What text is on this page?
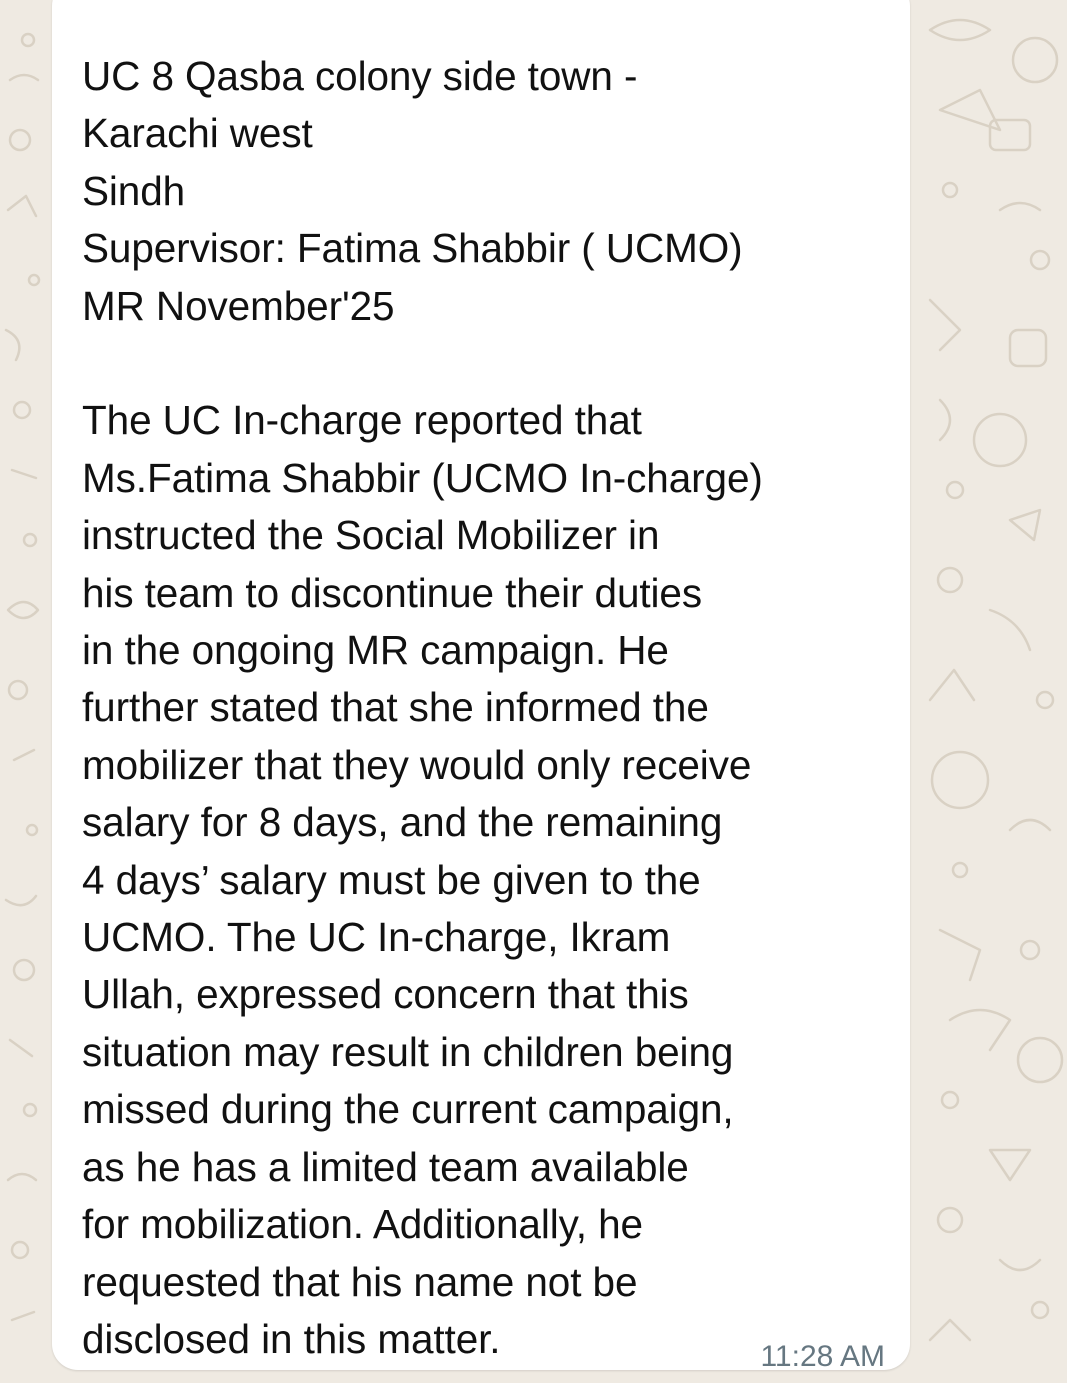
UC 8 Qasba colony side town -
Karachi west
Sindh
Supervisor: Fatima Shabbir ( UCMO)
MR November'25
The UC In-charge reported that
Ms.Fatima Shabbir (UCMO In-charge)
instructed the Social Mobilizer in
his team to discontinue their duties
in the ongoing MR campaign. He
further stated that she informed the
mobilizer that they would only receive
salary for 8 days, and the remaining
4 days’ salary must be given to the
UCMO. The UC In-charge, Ikram
Ullah, expressed concern that this
situation may result in children being
missed during the current campaign,
as he has a limited team available
for mobilization. Additionally, he
requested that his name not be
disclosed in this matter.	11:28 AM
